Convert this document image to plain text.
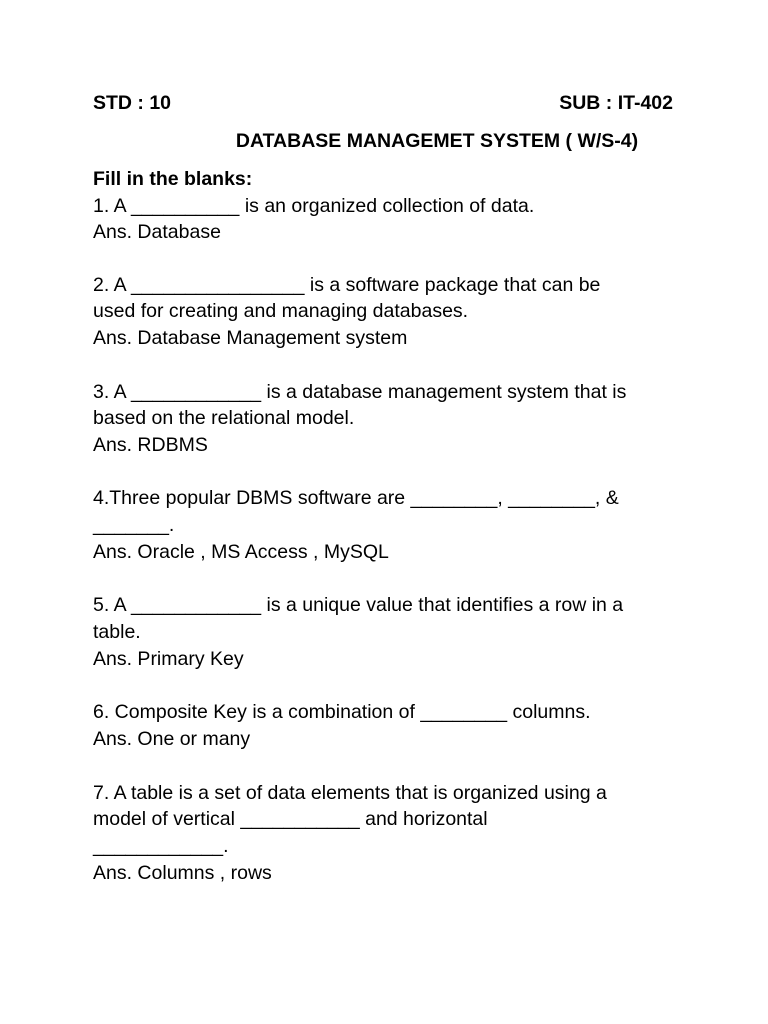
STD : 10	SUB : IT-402
DATABASE MANAGEMET SYSTEM ( W/S-4)
Fill in the blanks:
1. A __________ is an organized collection of data.
Ans. Database
2. A ________________ is a software package that can be
used for creating and managing databases.
Ans. Database Management system
3. A ____________ is a database management system that is
based on the relational model.
Ans. RDBMS
4.Three popular DBMS software are ________, ________, &
_______.
Ans. Oracle , MS Access , MySQL
5. A ____________ is a unique value that identifies a row in a
table.
Ans. Primary Key
6. Composite Key is a combination of ________ columns.
Ans. One or many
7. A table is a set of data elements that is organized using a
model of vertical ___________ and horizontal
____________.
Ans. Columns , rows
